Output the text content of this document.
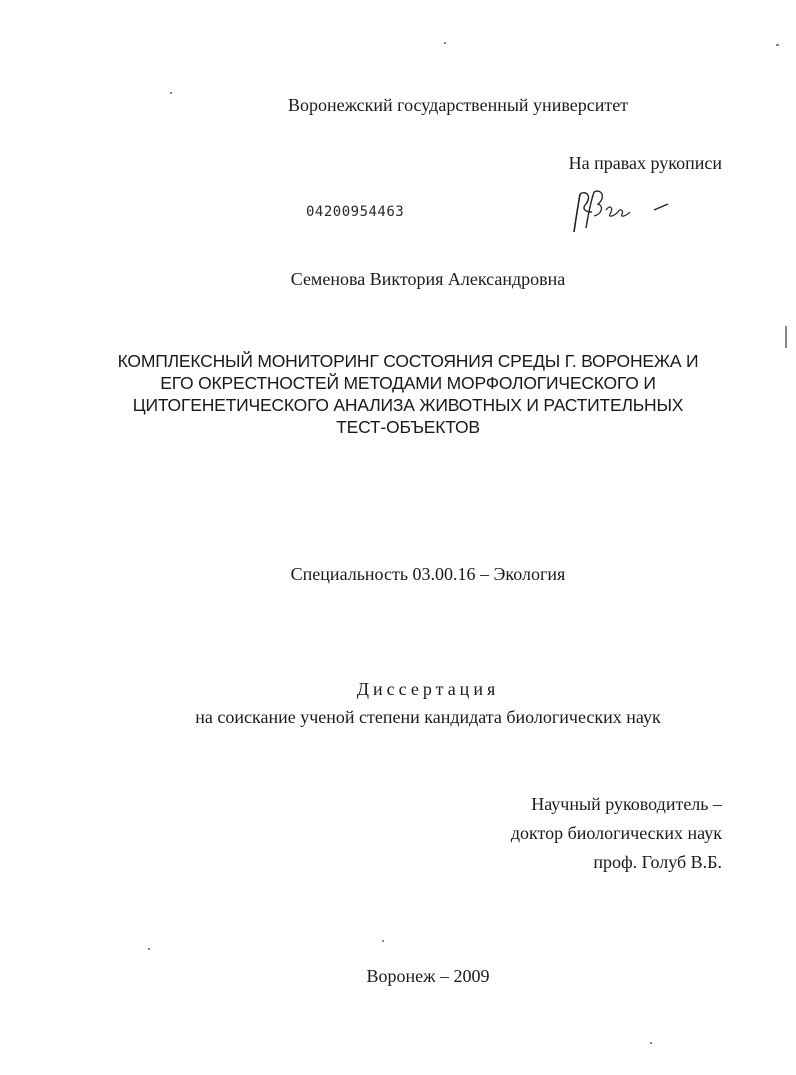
Воронежский государственный университет
На правах рукописи
04200954463
Семенова Виктория Александровна
КОМПЛЕКСНЫЙ МОНИТОРИНГ СОСТОЯНИЯ СРЕДЫ Г. ВОРОНЕЖА И
ЕГО ОКРЕСТНОСТЕЙ МЕТОДАМИ МОРФОЛОГИЧЕСКОГО И
ЦИТОГЕНЕТИЧЕСКОГО АНАЛИЗА ЖИВОТНЫХ И РАСТИТЕЛЬНЫХ
ТЕСТ-ОБЪЕКТОВ
Специальность 03.00.16 – Экология
Диссертация
на соискание ученой степени кандидата биологических наук
Научный руководитель –
доктор биологических наук
проф. Голуб В.Б.
Воронеж – 2009
